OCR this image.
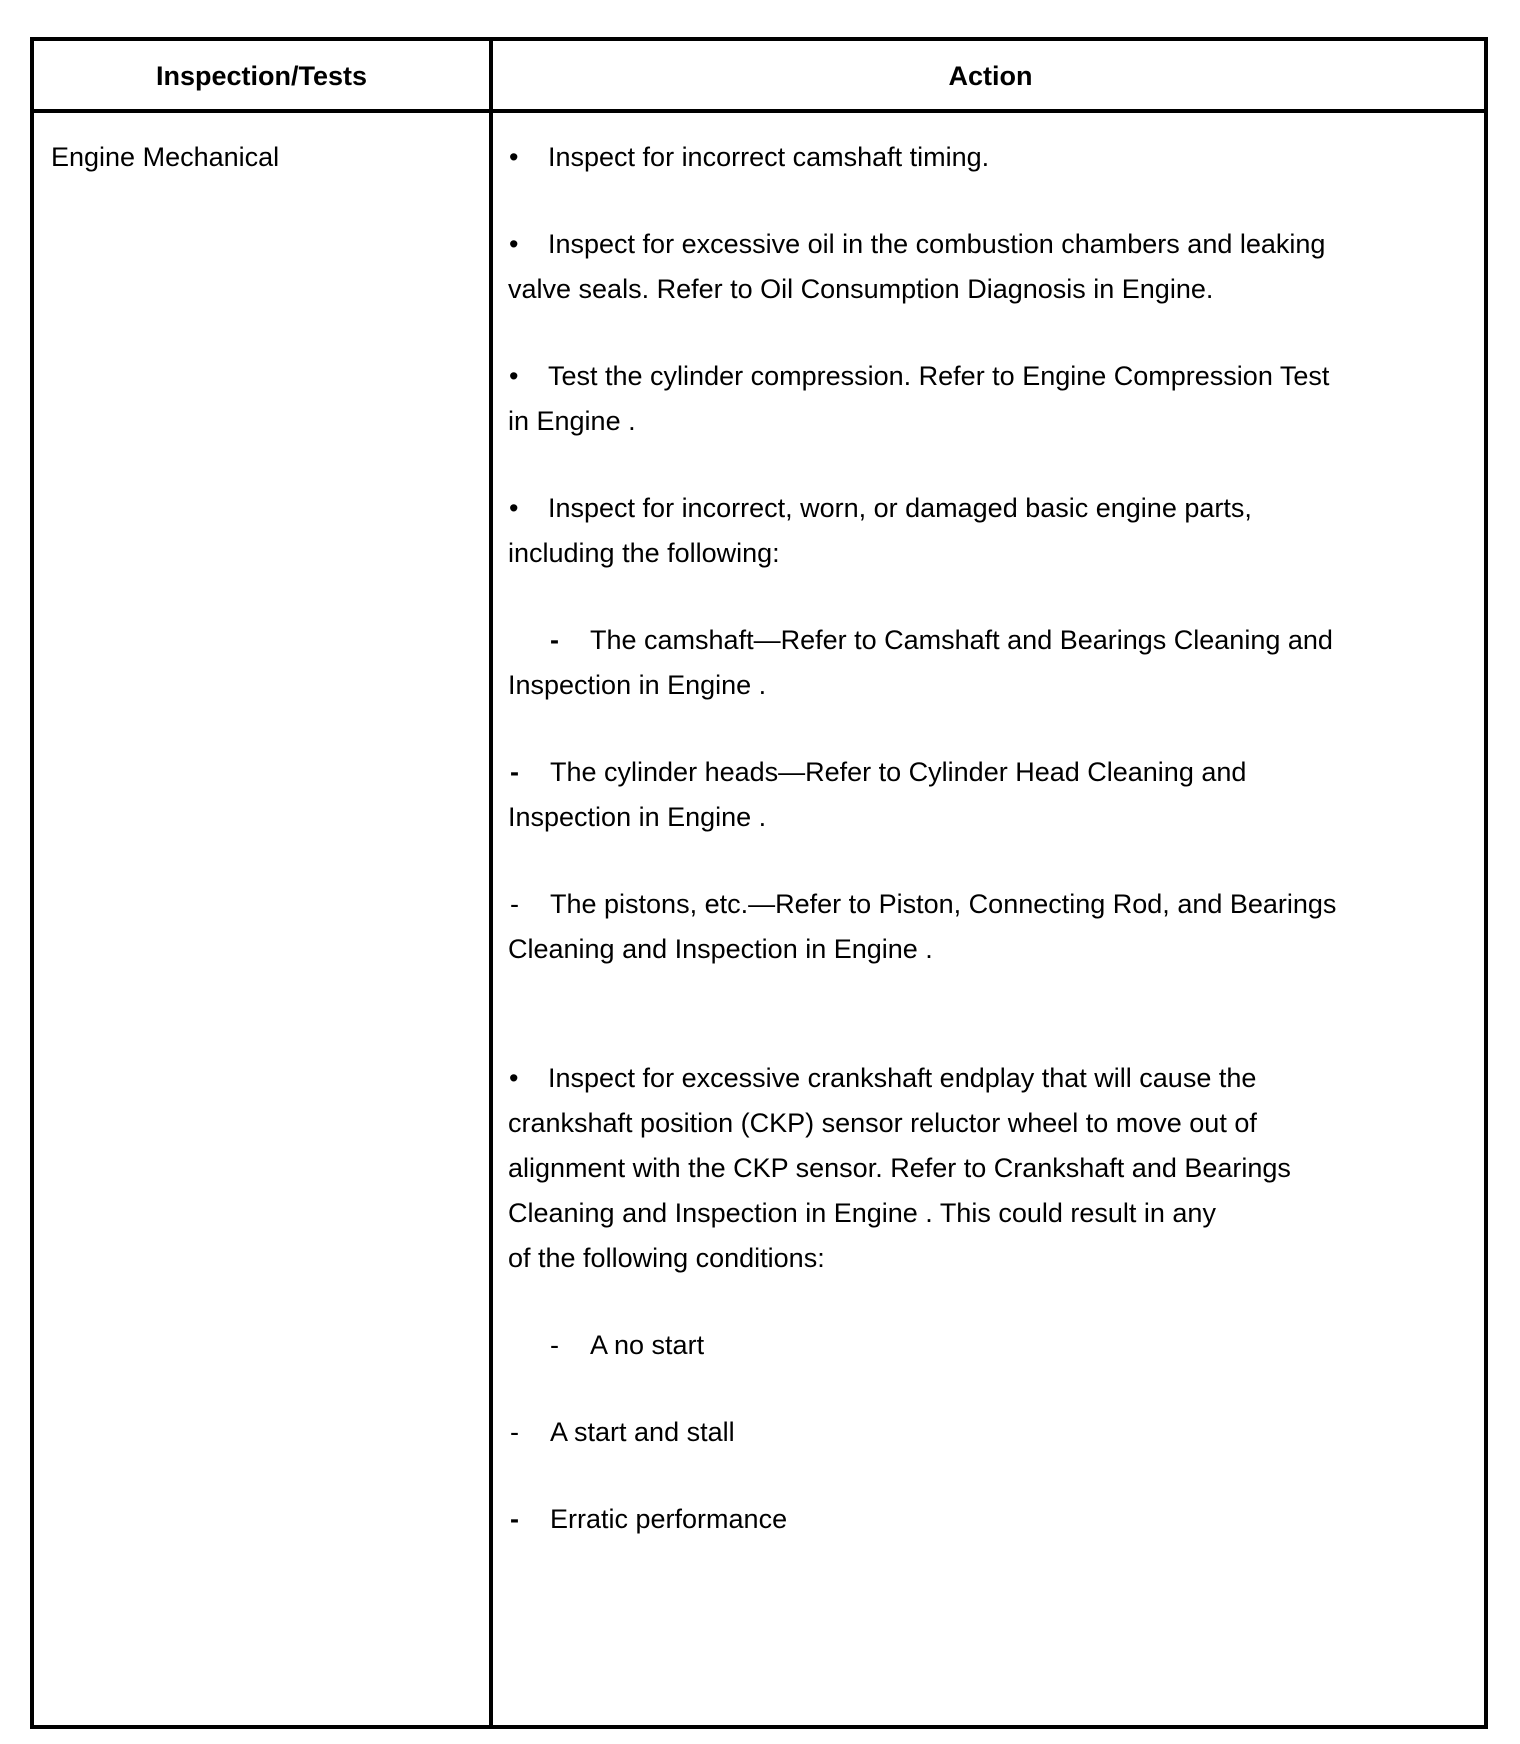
Inspection/Tests	Action
Engine Mechanical	• Inspect for incorrect camshaft timing.
• Inspect for excessive oil in the combustion chambers and leaking
valve seals. Refer to Oil Consumption Diagnosis in Engine.
• Test the cylinder compression. Refer to Engine Compression Test
in Engine .
• Inspect for incorrect, worn, or damaged basic engine parts,
including the following:
- The camshaft—Refer to Camshaft and Bearings Cleaning and
Inspection in Engine .
- The cylinder heads—Refer to Cylinder Head Cleaning and
Inspection in Engine .
- The pistons, etc.—Refer to Piston, Connecting Rod, and Bearings
Cleaning and Inspection in Engine .
• Inspect for excessive crankshaft endplay that will cause the
crankshaft position (CKP) sensor reluctor wheel to move out of
alignment with the CKP sensor. Refer to Crankshaft and Bearings
Cleaning and Inspection in Engine . This could result in any
of the following conditions:
- A no start
- A start and stall
- Erratic performance
